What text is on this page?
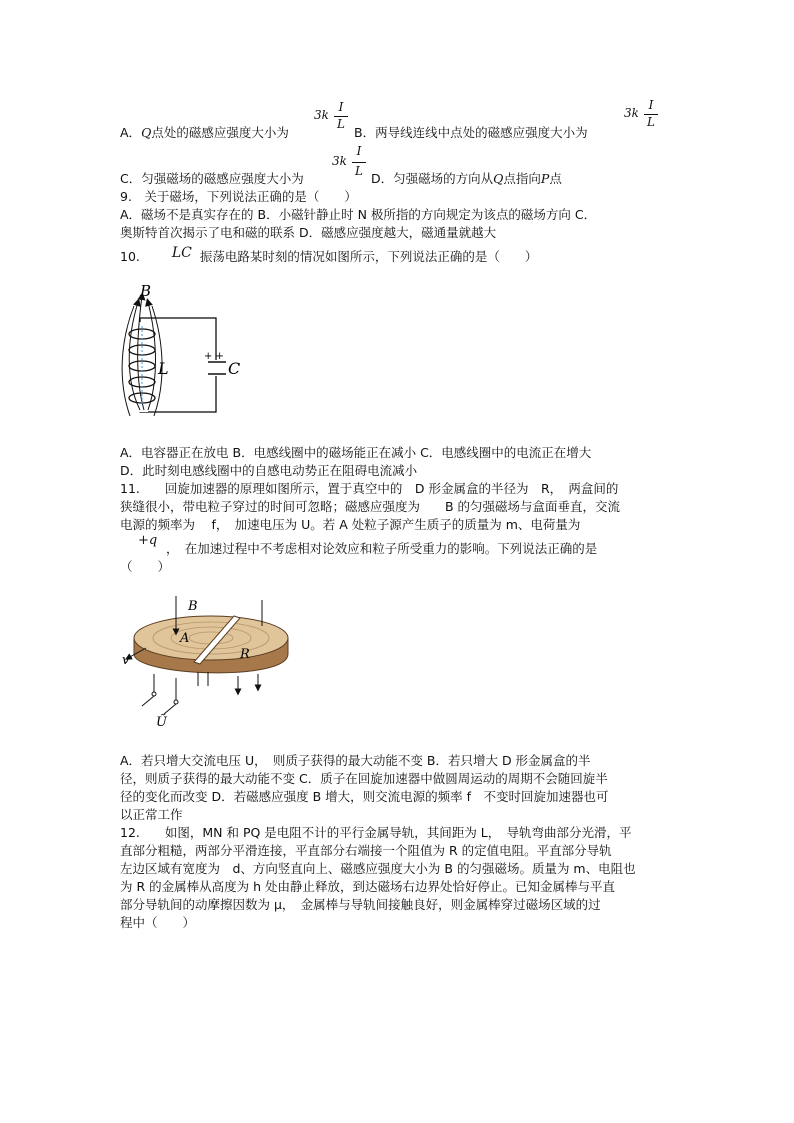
3k
I
L
A．Q点处的磁感应强度大小为	B．两导线连线中点处的磁感应强度大小为
3k
I
L
3k
I
L
C．匀强磁场的磁感应强度大小为	D．匀强磁场的方向从Q点指向P点
9.　关于磁场，下列说法正确的是（　　）
A．磁场不是真实存在的 B．小磁针静止时 N 极所指的方向规定为该点的磁场方向 C．
奥斯特首次揭示了电和磁的联系 D．磁感应强度越大，磁通量就越大
10. LC 振荡电路某时刻的情况如图所示，下列说法正确的是（　　）
+ +
C
B
L
A．电容器正在放电 B．电感线圈中的磁场能正在减小 C．电感线圈中的电流正在增大
D．此时刻电感线圈中的自感电动势正在阻碍电流减小
11.　　回旋加速器的原理如图所示，置于真空中的　D 形金属盒的半径为　R，　两盒间的
狭缝很小，带电粒子穿过的时间可忽略；磁感应强度为　　B 的匀强磁场与盒面垂直，交流
电源的频率为　 f，　加速电压为 U。若 A 处粒子源产生质子的质量为 m、电荷量为
+q
，　在加速过程中不考虑相对论效应和粒子所受重力的影响。下列说法正确的是
（　　）
B
A
R
v
Ũ
A．若只增大交流电压 U，　则质子获得的最大动能不变 B．若只增大 D 形金属盒的半
径，则质子获得的最大动能不变 C．质子在回旋加速器中做圆周运动的周期不会随回旋半
径的变化而改变 D．若磁感应强度 B 增大，则交流电源的频率 f　不变时回旋加速器也可
以正常工作
12.　　如图，MN 和 PQ 是电阻不计的平行金属导轨，其间距为 L，　导轨弯曲部分光滑，平
直部分粗糙，两部分平滑连接，平直部分右端接一个阻值为 R 的定值电阻。平直部分导轨
左边区域有宽度为　d、方向竖直向上、磁感应强度大小为 B 的匀强磁场。质量为 m、电阻也
为 R 的金属棒从高度为 h 处由静止释放，到达磁场右边界处恰好停止。已知金属棒与平直
部分导轨间的动摩擦因数为 μ，　金属棒与导轨间接触良好，则金属棒穿过磁场区域的过
程中（　　）
